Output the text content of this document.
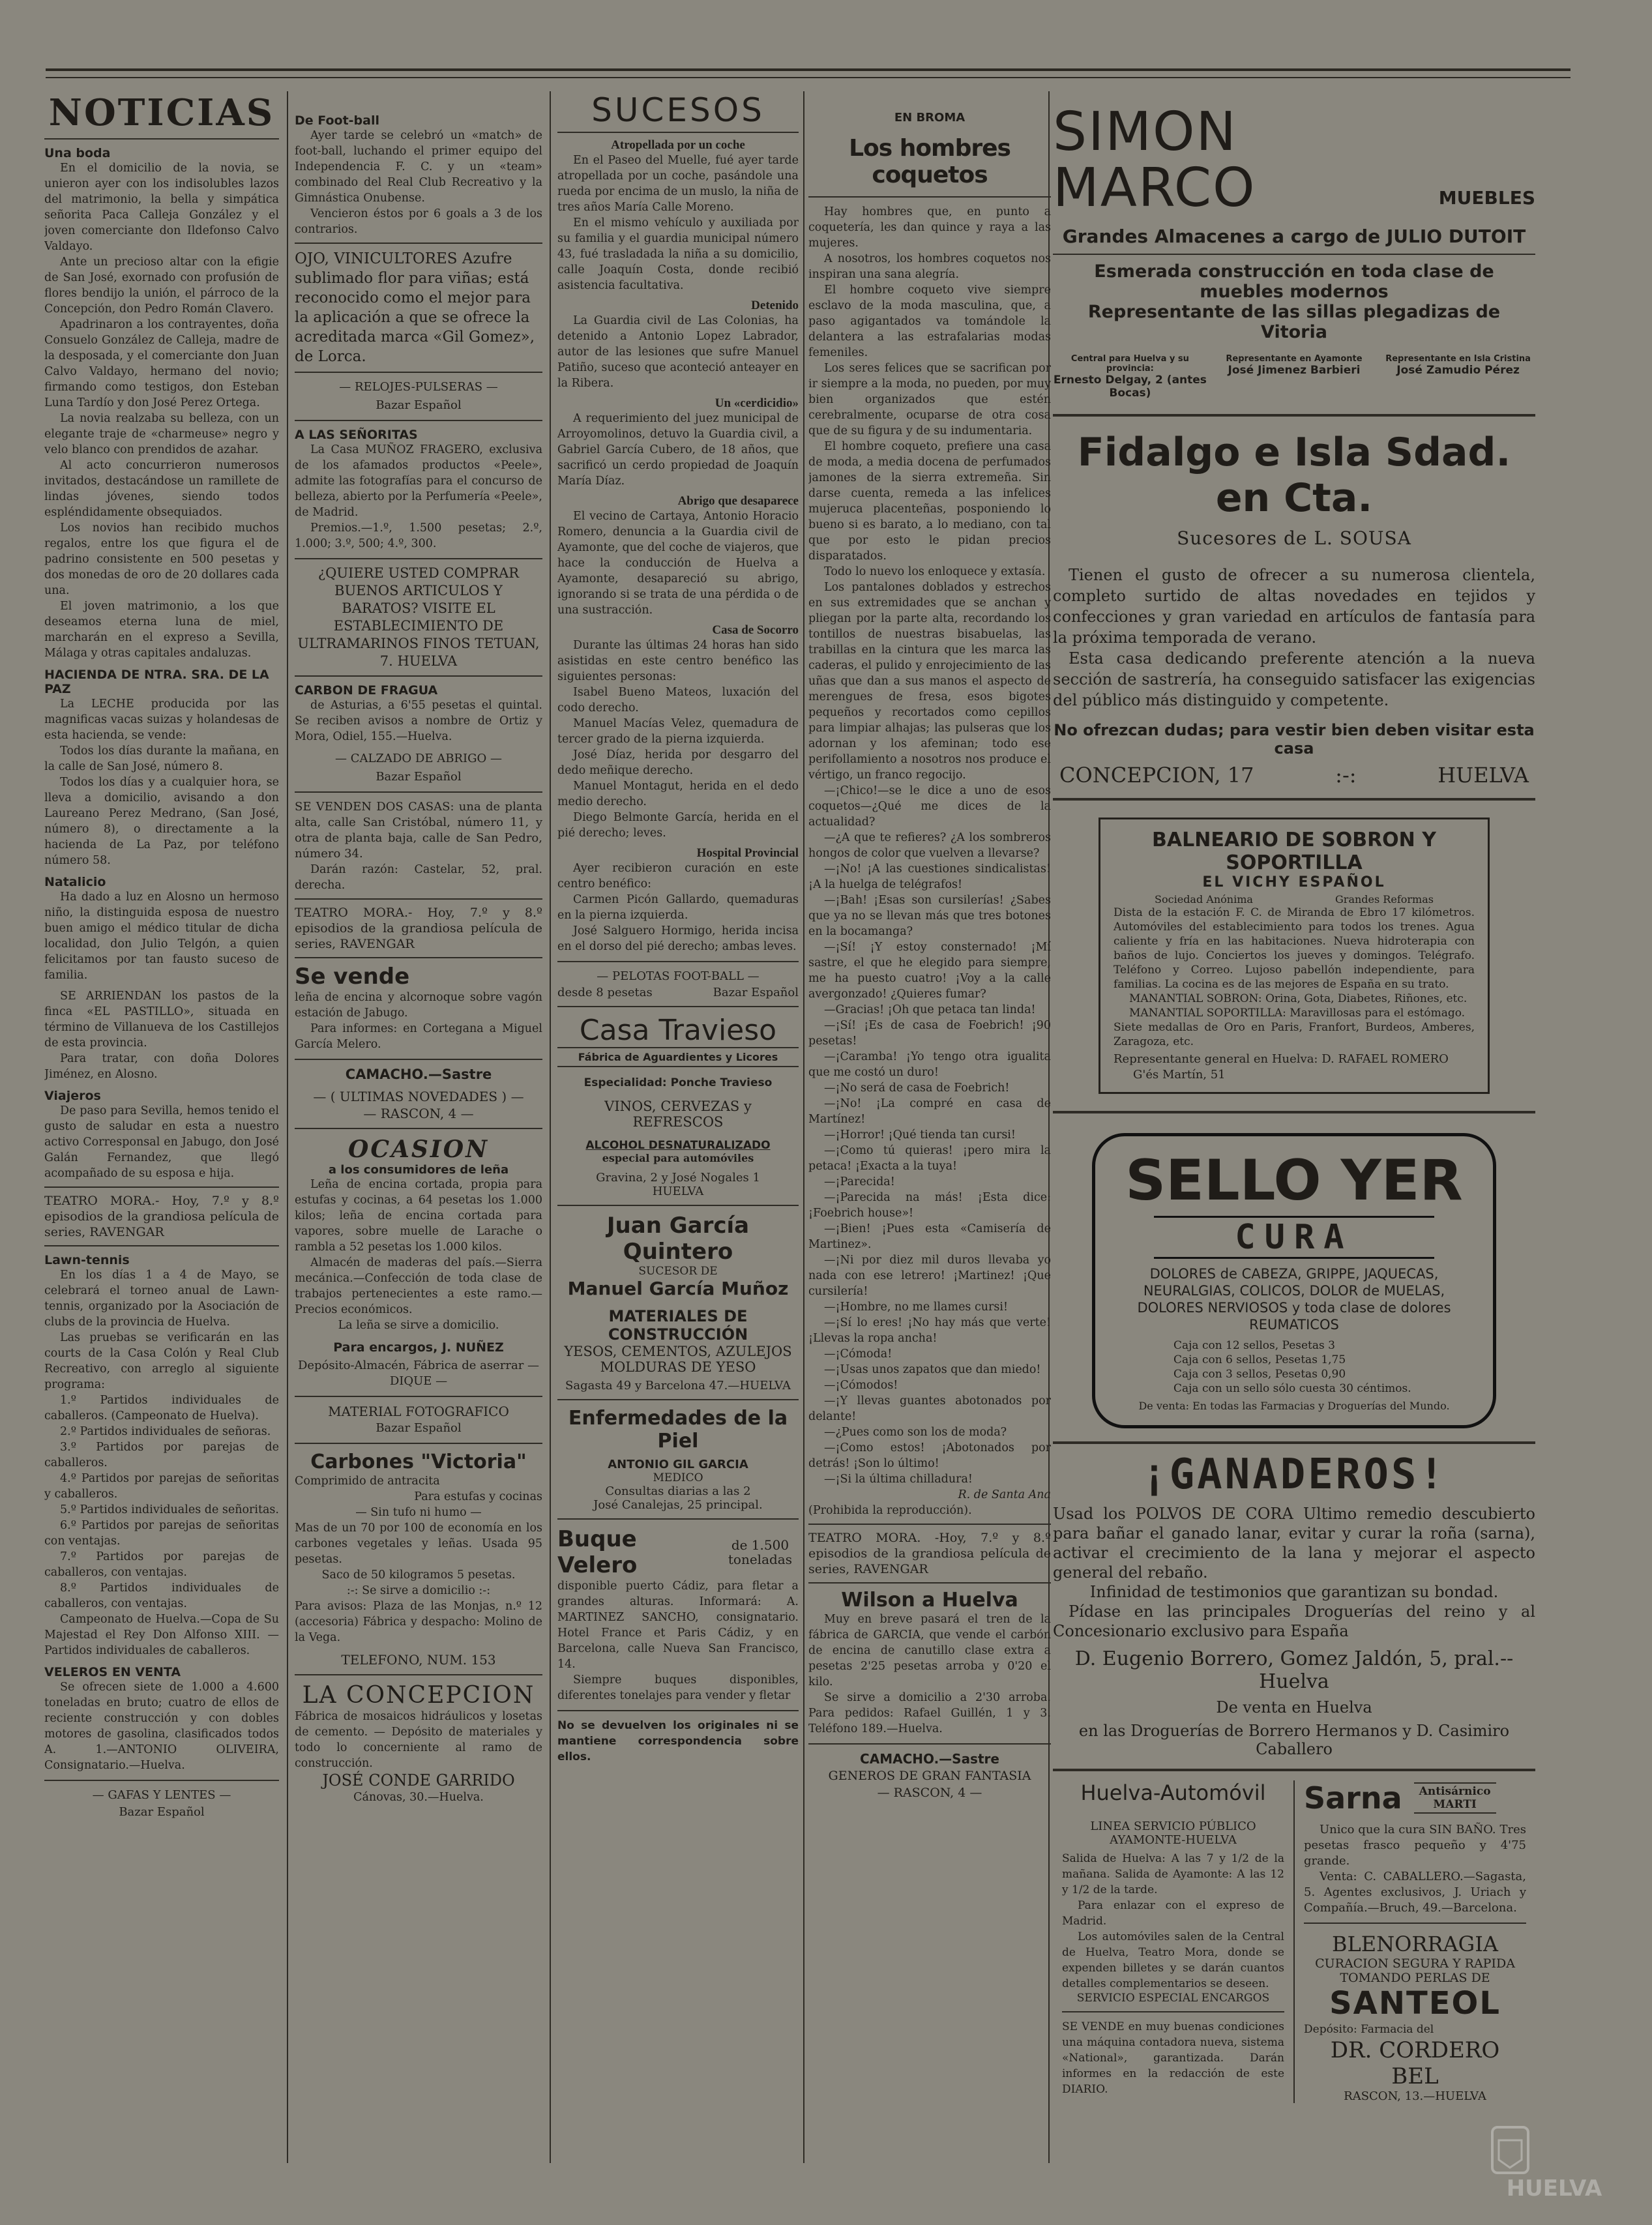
NOTICIAS
Una boda

En el domicilio de la novia, se unieron ayer con los indisolubles lazos del matrimonio, la bella y simpática señorita Paca Calleja González y el joven comerciante don Ildefonso Calvo Valdayo.

Ante un precioso altar con la efigie de San José, exornado con profusión de flores bendijo la unión, el párroco de la Concepción, don Pedro Román Clavero.

Apadrinaron a los contrayentes, doña Consuelo González de Calleja, madre de la desposada, y el comerciante don Juan Calvo Valdayo, hermano del novio; firmando como testigos, don Esteban Luna Tardío y don José Perez Ortega.

La novia realzaba su belleza, con un elegante traje de «charmeuse» negro y velo blanco con prendidos de azahar.

Al acto concurrieron numerosos invitados, destacándose un ramillete de lindas jóvenes, siendo todos espléndidamente obsequiados.

Los novios han recibido muchos regalos, entre los que figura el de padrino consistente en 500 pesetas y dos monedas de oro de 20 dollares cada una.

El joven matrimonio, a los que deseamos eterna luna de miel, marcharán en el expreso a Sevilla, Málaga y otras capitales andaluzas.

HACIENDA DE NTRA. SRA. DE LA PAZ

La LECHE producida por las magnificas vacas suizas y holandesas de esta hacienda, se vende:

Todos los días durante la mañana, en la calle de San José, número 8.

Todos los días y a cualquier hora, se lleva a domicilio, avisando a don Laureano Perez Medrano, (San José, número 8), o directamente a la hacienda de La Paz, por teléfono número 58.

Natalicio

Ha dado a luz en Alosno un hermoso niño, la distinguida esposa de nuestro buen amigo el médico titular de dicha localidad, don Julio Telgón, a quien felicitamos por tan fausto suceso de familia.

SE ARRIENDAN los pastos de la finca «EL PASTILLO», situada en término de Villanueva de los Castillejos de esta provincia.

Para tratar, con doña Dolores Jiménez, en Alosno.

Viajeros

De paso para Sevilla, hemos tenido el gusto de saludar en esta a nuestro activo Corresponsal en Jabugo, don José Galán Fernandez, que llegó acompañado de su esposa e hija.

TEATRO MORA.- Hoy, 7.º y 8.º episodios de la grandiosa película de series, RAVENGAR
Lawn-tennis

En los días 1 a 4 de Mayo, se celebrará el torneo anual de Lawn-tennis, organizado por la Asociación de clubs de la provincia de Huelva.

Las pruebas se verificarán en las courts de la Casa Colón y Real Club Recreativo, con arreglo al siguiente programa:

1.º Partidos individuales de caballeros. (Campeonato de Huelva).

2.º Partidos individuales de señoras.

3.º Partidos por parejas de caballeros.

4.º Partidos por parejas de señoritas y caballeros.

5.º Partidos individuales de señoritas.

6.º Partidos por parejas de señoritas con ventajas.

7.º Partidos por parejas de caballeros, con ventajas.

8.º Partidos individuales de caballeros, con ventajas.

Campeonato de Huelva.—Copa de Su Majestad el Rey Don Alfonso XIII. —Partidos individuales de caballeros.

VELEROS EN VENTA

Se ofrecen siete de 1.000 a 4.600 toneladas en bruto; cuatro de ellos de reciente construcción y con dobles motores de gasolina, clasificados todos A. 1.—ANTONIO OLIVEIRA, Consignatario.—Huelva.

— GAFAS Y LENTES —

Bazar Español

De Foot-ball

Ayer tarde se celebró un «match» de foot-ball, luchando el primer equipo del Independencia F. C. y un «team» combinado del Real Club Recreativo y la Gimnástica Onubense.

Vencieron éstos por 6 goals a 3 de los contrarios.

OJO, VINICULTORES Azufre sublimado flor para viñas; está reconocido como el mejor para la aplicación a que se ofrece la acreditada marca «Gil Gomez», de Lorca.

— RELOJES-PULSERAS —

Bazar Español

A LAS SEÑORITAS

La Casa MUÑOZ FRAGERO, exclusiva de los afamados productos «Peele», admite las fotografías para el concurso de belleza, abierto por la Perfumería «Peele», de Madrid.

Premios.—1.º, 1.500 pesetas; 2.º, 1.000; 3.º, 500; 4.º, 300.

¿QUIERE USTED COMPRAR BUENOS ARTICULOS Y BARATOS? VISITE EL ESTABLECIMIENTO DE ULTRAMARINOS FINOS TETUAN, 7. HUELVA
CARBON DE FRAGUA

de Asturias, a 6'55 pesetas el quintal. Se reciben avisos a nombre de Ortiz y Mora, Odiel, 155.—Huelva.

— CALZADO DE ABRIGO —

Bazar Español

SE VENDEN DOS CASAS: una de planta alta, calle San Cristóbal, número 11, y otra de planta baja, calle de San Pedro, número 34.

Darán razón: Castelar, 52, pral. derecha.

TEATRO MORA.- Hoy, 7.º y 8.º episodios de la grandiosa película de series, RAVENGAR
Se vende

leña de encina y alcornoque sobre vagón estación de Jabugo.

Para informes: en Cortegana a Miguel García Melero.

CAMACHO.—Sastre

— ( ULTIMAS NOVEDADES ) —

— RASCON, 4 —

OCASION

a los consumidores de leña

Leña de encina cortada, propia para estufas y cocinas, a 64 pesetas los 1.000 kilos; leña de encina cortada para vapores, sobre muelle de Larache o rambla a 52 pesetas los 1.000 kilos.

Almacén de maderas del país.—Sierra mecánica.—Confección de toda clase de trabajos pertenecientes a este ramo.—Precios económicos.

La leña se sirve a domicilio.

Para encargos, J. NUÑEZ

Depósito-Almacén, Fábrica de aserrar — DIQUE —

MATERIAL FOTOGRAFICO

Bazar Español

Carbones "Victoria"

Comprimido de antracita

Para estufas y cocinas

— Sin tufo ni humo —

Mas de un 70 por 100 de economía en los carbones vegetales y leñas. Usada 95 pesetas.

Saco de 50 kilogramos 5 pesetas.

:-: Se sirve a domicilio :-:

Para avisos: Plaza de las Monjas, n.º 12 (accesoria) Fábrica y despacho: Molino de la Vega.

TELEFONO, NUM. 153

LA CONCEPCION

Fábrica de mosaicos hidráulicos y losetas de cemento. — Depósito de materiales y todo lo concerniente al ramo de construcción.

JOSÉ CONDE GARRIDO

Cánovas, 30.—Huelva.

SUCESOS
Atropellada por un coche

En el Paseo del Muelle, fué ayer tarde atropellada por un coche, pasándole una rueda por encima de un muslo, la niña de tres años María Calle Moreno.

En el mismo vehículo y auxiliada por su familia y el guardia municipal número 43, fué trasladada la niña a su domicilio, calle Joaquín Costa, donde recibió asistencia facultativa.

Detenido

La Guardia civil de Las Colonias, ha detenido a Antonio Lopez Labrador, autor de las lesiones que sufre Manuel Patiño, suceso que aconteció anteayer en la Ribera.

Un «cerdicidio»

A requerimiento del juez municipal de Arroyomolinos, detuvo la Guardia civil, a Gabriel García Cubero, de 18 años, que sacrificó un cerdo propiedad de Joaquín María Díaz.

Abrigo que desaparece

El vecino de Cartaya, Antonio Horacio Romero, denuncia a la Guardia civil de Ayamonte, que del coche de viajeros, que hace la conducción de Huelva a Ayamonte, desapareció su abrigo, ignorando si se trata de una pérdida o de una sustracción.

Casa de Socorro

Durante las últimas 24 horas han sido asistidas en este centro benéfico las siguientes personas:

Isabel Bueno Mateos, luxación del codo derecho.

Manuel Macías Velez, quemadura de tercer grado de la pierna izquierda.

José Díaz, herida por desgarro del dedo meñique derecho.

Manuel Montagut, herida en el dedo medio derecho.

Diego Belmonte García, herida en el pié derecho; leves.

Hospital Provincial

Ayer recibieron curación en este centro benéfico:

Carmen Picón Gallardo, quemaduras en la pierna izquierda.

José Salguero Hormigo, herida incisa en el dorso del pié derecho; ambas leves.

— PELOTAS FOOT-BALL —

desde 8 pesetas	Bazar Español

Casa Travieso

Fábrica de Aguardientes y Licores

Especialidad: Ponche Travieso

VINOS, CERVEZAS y REFRESCOS

ALCOHOL DESNATURALIZADO

especial para automóviles

Gravina, 2 y José Nogales 1

HUELVA

Juan García Quintero

SUCESOR DE

Manuel García Muñoz

MATERIALES DE CONSTRUCCIÓN

YESOS, CEMENTOS, AZULEJOS

MOLDURAS DE YESO

Sagasta 49 y Barcelona 47.—HUELVA

Enfermedades de la Piel

ANTONIO GIL GARCIA

MEDICO

Consultas diarias a las 2

José Canalejas, 25 principal.

Buque Velero
de 1.500 toneladas

disponible puerto Cádiz, para fletar a grandes alturas. Informará: A. MARTINEZ SANCHO, consignatario. Hotel France et Paris Cádiz, y en Barcelona, calle Nueva San Francisco, 14.

Siempre buques disponibles, diferentes tonelajes para vender y fletar

No se devuelven los originales ni se mantiene correspondencia sobre ellos.

EN BROMA

Los hombres coquetos

Hay hombres que, en punto a coquetería, les dan quince y raya a las mujeres.

A nosotros, los hombres coquetos nos inspiran una sana alegría.

El hombre coqueto vive siempre esclavo de la moda masculina, que, a paso agigantados va tomándole la delantera a las estrafalarias modas femeniles.

Los seres felices que se sacrifican por ir siempre a la moda, no pueden, por muy bien organizados que estén cerebralmente, ocuparse de otra cosa que de su figura y de su indumentaria.

El hombre coqueto, prefiere una casa de moda, a media docena de perfumados jamones de la sierra extremeña. Sin darse cuenta, remeda a las infelices mujeruca placenteñas, posponiendo lo bueno si es barato, a lo mediano, con tal que por esto le pidan precios disparatados.

Todo lo nuevo los enloquece y extasía.

Los pantalones doblados y estrechos en sus extremidades que se anchan y pliegan por la parte alta, recordando los tontillos de nuestras bisabuelas, las trabillas en la cintura que les marca las caderas, el pulido y enrojecimiento de las uñas que dan a sus manos el aspecto de merengues de fresa, esos bigotes pequeños y recortados como cepillos para limpiar alhajas; las pulseras que los adornan y los afeminan; todo ese perifollamiento a nosotros nos produce el vértigo, un franco regocijo.

—¡Chico!—se le dice a uno de esos coquetos—¿Qué me dices de la actualidad?

—¿A que te refieres? ¿A los sombreros hongos de color que vuelven a llevarse?

—¡No! ¡A las cuestiones sindicalistas! ¡A la huelga de telégrafos!

—¡Bah! ¡Esas son cursilerías! ¿Sabes que ya no se llevan más que tres botones en la bocamanga?

—¡Sí! ¡Y estoy consternado! ¡Mí sastre, el que he elegido para siempre, me ha puesto cuatro! ¡Voy a la calle avergonzado! ¿Quieres fumar?

—Gracias! ¡Oh que petaca tan linda!

—¡Sí! ¡Es de casa de Foebrich! ¡90 pesetas!

—¡Caramba! ¡Yo tengo otra igualita que me costó un duro!

—¡No será de casa de Foebrich!

—¡No! ¡La compré en casa de Martínez!

—¡Horror! ¡Qué tienda tan cursi!

—¡Como tú quieras! ¡pero mira la petaca! ¡Exacta a la tuya!

—¡Parecida!

—¡Parecida na más! ¡Esta dice: ¡Foebrich house»!

—¡Bien! ¡Pues esta «Camisería de Martinez».

—¡Ni por diez mil duros llevaba yo nada con ese letrero! ¡Martinez! ¡Que cursilería!

—¡Hombre, no me llames cursi!

—¡Sí lo eres! ¡No hay más que verte! ¡Llevas la ropa ancha!

—¡Cómoda!

—¡Usas unos zapatos que dan miedo!

—¡Cómodos!

—¡Y llevas guantes abotonados por delante!

—¿Pues como son los de moda?

—¡Como estos! ¡Abotonados por detrás! ¡Son lo último!

—¡Si la última chilladura!

R. de Santa Ana

(Prohibida la reproducción).

TEATRO MORA. -Hoy, 7.º y 8.º episodios de la grandiosa película de series, RAVENGAR

Wilson a Huelva

Muy en breve pasará el tren de la fábrica de GARCIA, que vende el carbón de encina de canutillo clase extra a pesetas 2'25 pesetas arroba y 0'20 el kilo.

Se sirve a domicilio a 2'30 arroba. Para pedidos: Rafael Guillén, 1 y 3. Teléfono 189.—Huelva.

CAMACHO.—Sastre

GENEROS DE GRAN FANTASIA

— RASCON, 4 —

SIMON MARCO	MUEBLES

Grandes Almacenes a cargo de JULIO DUTOIT

Esmerada construcción en toda clase de muebles modernos

Representante de las sillas plegadizas de Vitoria

Central para Huelva y su provincia:
Ernesto Delgay, 2 (antes Bocas)
Representante en Ayamonte
José Jimenez Barbieri
Representante en Isla Cristina
José Zamudio Pérez

Fidalgo e Isla Sdad. en Cta.

Sucesores de L. SOUSA

Tienen el gusto de ofrecer a su numerosa clientela, completo surtido de altas novedades en tejidos y confecciones y gran variedad en artículos de fantasía para la próxima temporada de verano.

Esta casa dedicando preferente atención a la nueva sección de sastrería, ha conseguido satisfacer las exigencias del público más distinguido y competente.

No ofrezcan dudas; para vestir bien deben visitar esta casa

CONCEPCION, 17	:-:	HUELVA

BALNEARIO DE SOBRON Y SOPORTILLA

EL VICHY ESPAÑOL

Sociedad Anónima	Grandes Reformas

Dista de la estación F. C. de Miranda de Ebro 17 kilómetros. Automóviles del establecimiento para todos los trenes. Agua caliente y fría en las habitaciones. Nueva hidroterapia con baños de lujo. Conciertos los jueves y domingos. Telégrafo. Teléfono y Correo. Lujoso pabellón independiente, para familias. La cocina es de las mejores de España en su trato.

MANANTIAL SOBRON: Orina, Gota, Diabetes, Riñones, etc.

MANANTIAL SOPORTILLA: Maravillosas para el estómago.

Siete medallas de Oro en Paris, Franfort, Burdeos, Amberes, Zaragoza, etc.

Representante general en Huelva: D. RAFAEL ROMERO

G'és Martín, 51

SELLO YER

CURA

DOLORES de CABEZA, GRIPPE, JAQUECAS, NEURALGIAS, COLICOS, DOLOR de MUELAS, DOLORES NERVIOSOS y toda clase de dolores REUMATICOS

Caja con 12 sellos, Pesetas 3

Caja con 6 sellos, Pesetas 1,75

Caja con 3 sellos, Pesetas 0,90

Caja con un sello sólo cuesta 30 céntimos.

De venta: En todas las Farmacias y Droguerías del Mundo.

¡GANADEROS!

Usad los POLVOS DE CORA Ultimo remedio descubierto para bañar el ganado lanar, evitar y curar la roña (sarna), activar el crecimiento de la lana y mejorar el aspecto general del rebaño.

Infinidad de testimonios que garantizan su bondad.

Pídase en las principales Droguerías del reino y al Concesionario exclusivo para España

D. Eugenio Borrero, Gomez Jaldón, 5, pral.--Huelva

De venta en Huelva

en las Droguerías de Borrero Hermanos y D. Casimiro Caballero

Huelva-Automóvil

LINEA SERVICIO PÚBLICO

AYAMONTE-HUELVA

Salida de Huelva: A las 7 y 1/2 de la mañana. Salida de Ayamonte: A las 12 y 1/2 de la tarde.

Para enlazar con el expreso de Madrid.

Los automóviles salen de la Central de Huelva, Teatro Mora, donde se expenden billetes y se darán cuantos detalles complementarios se deseen.

SERVICIO ESPECIAL ENCARGOS

SE VENDE en muy buenas condiciones una máquina contadora nueva, sistema «National», garantizada. Darán informes en la redacción de este DIARIO.

Sarna Antisárnico
MARTI

Unico que la cura SIN BAÑO. Tres pesetas frasco pequeño y 4'75 grande.

Venta: C. CABALLERO.—Sagasta, 5. Agentes exclusivos, J. Uriach y Compañía.—Bruch, 49.—Barcelona.

BLENORRAGIA

CURACION SEGURA Y RAPIDA

TOMANDO PERLAS DE

SANTEOL

Depósito: Farmacia del

DR. CORDERO BEL

RASCON, 13.—HUELVA

HUELVA
